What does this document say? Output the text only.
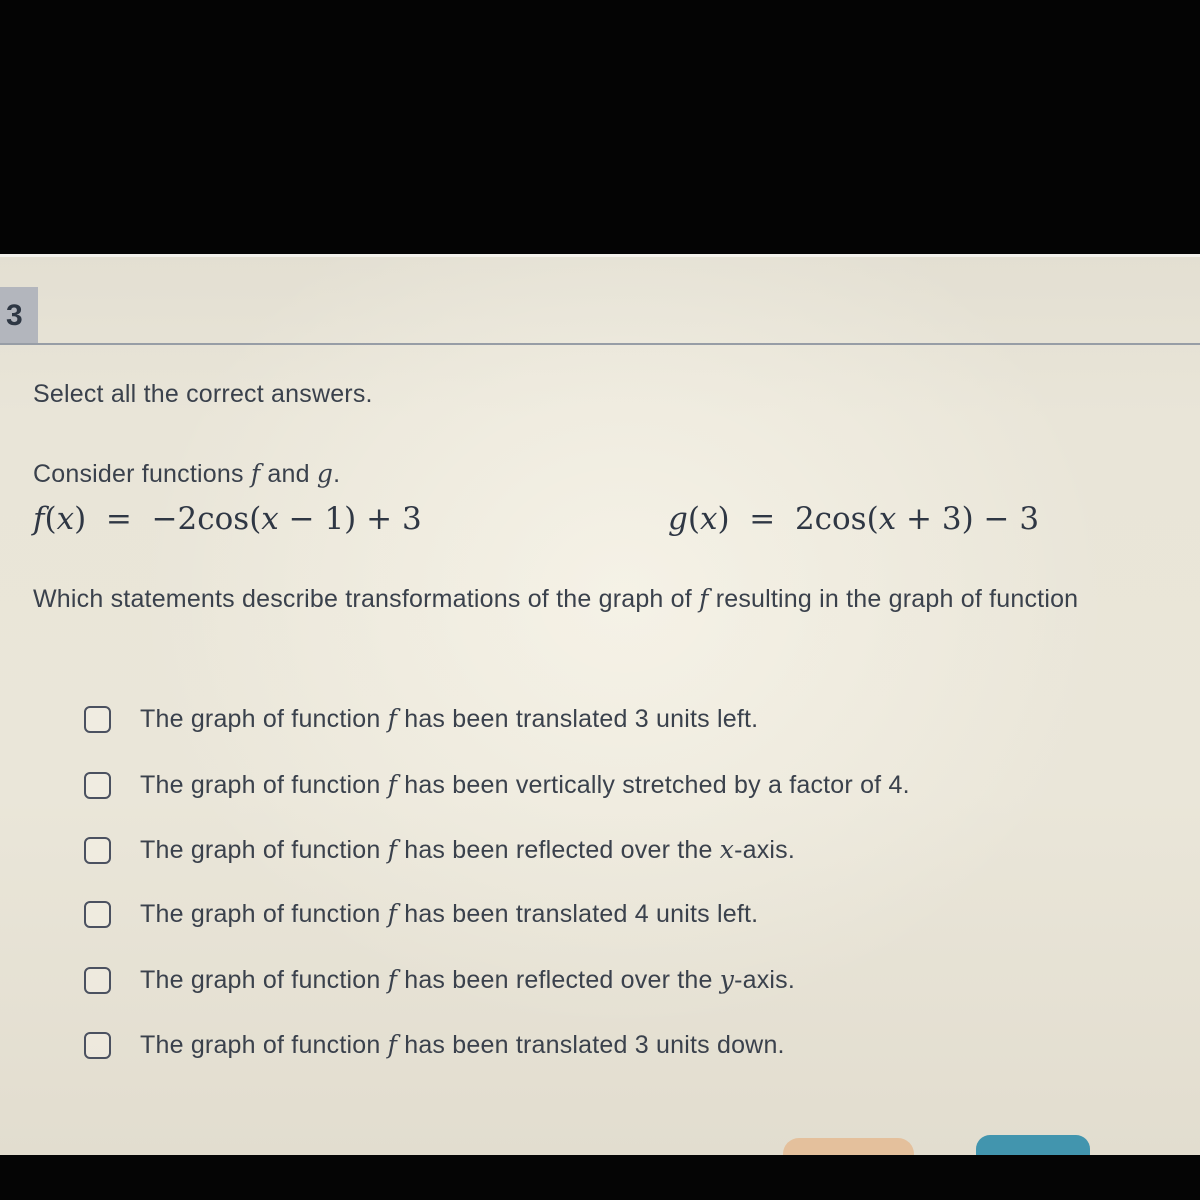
3
Select all the correct answers.
Consider functions f and g.
f(x)  =  −2cos(x − 1) + 3	g(x)  =  2cos(x + 3) − 3
Which statements describe transformations of the graph of f resulting in the graph of function
The graph of function f has been translated 3 units left.
The graph of function f has been vertically stretched by a factor of 4.
The graph of function f has been reflected over the x-axis.
The graph of function f has been translated 4 units left.
The graph of function f has been reflected over the y-axis.
The graph of function f has been translated 3 units down.
